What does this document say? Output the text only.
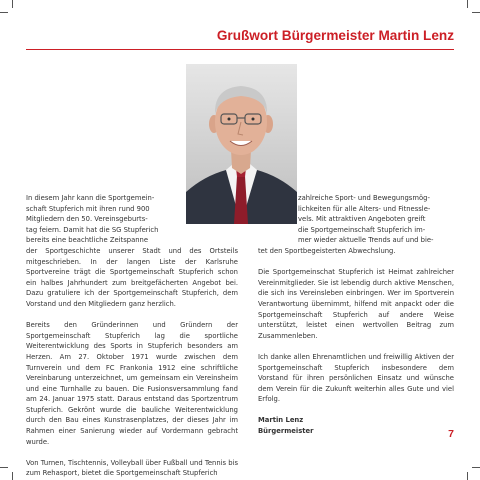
Grußwort Bürgermeister Martin Lenz
In diesem Jahr kann die Sportgemein-
schaft Stupferich mit ihren rund 900
Mitgliedern den 50. Vereinsgeburts-
tag feiern. Damit hat die SG Stupferich
bereits eine beachtliche Zeitspanne

der Sportgeschichte unserer Stadt und des Ortsteils mitgeschrieben. In der langen Liste der Karlsruhe Sportvereine trägt die Sportgemeinschaft Stupferich schon ein halbes Jahrhundert zum breitgefächerten Angebot bei. Dazu gratuliere ich der Sportgemeinschaft Stupferich, dem Vorstand und den Mitgliedern ganz herzlich.

Bereits den Gründerinnen und Gründern der Sportgemeinschaft Stupferich lag die sportliche Weiterentwicklung des Sports in Stupferich besonders am Herzen. Am 27. Oktober 1971 wurde zwischen dem Turnverein und dem FC Frankonia 1912 eine schriftliche Vereinbarung unterzeichnet, um gemeinsam ein Vereinsheim und eine Turnhalle zu bauen. Die Fusionsversammlung fand am 24. Januar 1975 statt. Daraus entstand das Sportzentrum Stupferich. Gekrönt wurde die bauliche Weiterentwicklung durch den Bau eines Kunstrasenplatzes, der dieses Jahr im Rahmen einer Sanierung wieder auf Vordermann gebracht wurde.

Von Turnen, Tischtennis, Volleyball über Fußball und Tennis bis zum Rehasport, bietet die Sportgemeinschaft Stupferich

zahlreiche Sport- und Bewegungsmög-
lichkeiten für alle Alters- und Fitnessle-
vels. Mit attraktiven Angeboten greift
die Sportgemeinschaft Stupferich im-
mer wieder aktuelle Trends auf und bie-

tet den Sportbegeisterten Abwechslung.

Die Sportgemeinschat Stupferich ist Heimat zahlreicher Vereinmitglieder. Sie ist lebendig durch aktive Menschen, die sich ins Vereinsleben einbringen. Wer im Sportverein Verantwortung übernimmt, hilfend mit anpackt oder die Sportgemeinschaft Stupferich auf andere Weise unterstützt, leistet einen wertvollen Beitrag zum Zusammenleben.

Ich danke allen Ehrenamtlichen und freiwillig Aktiven der Sportgemeinschaft Stupferich insbesondere dem Vorstand für ihren persönlichen Einsatz und wünsche dem Verein für die Zukunft weiterhin alles Gute und viel Erfolg.

Martin Lenz
Bürgermeister	7
